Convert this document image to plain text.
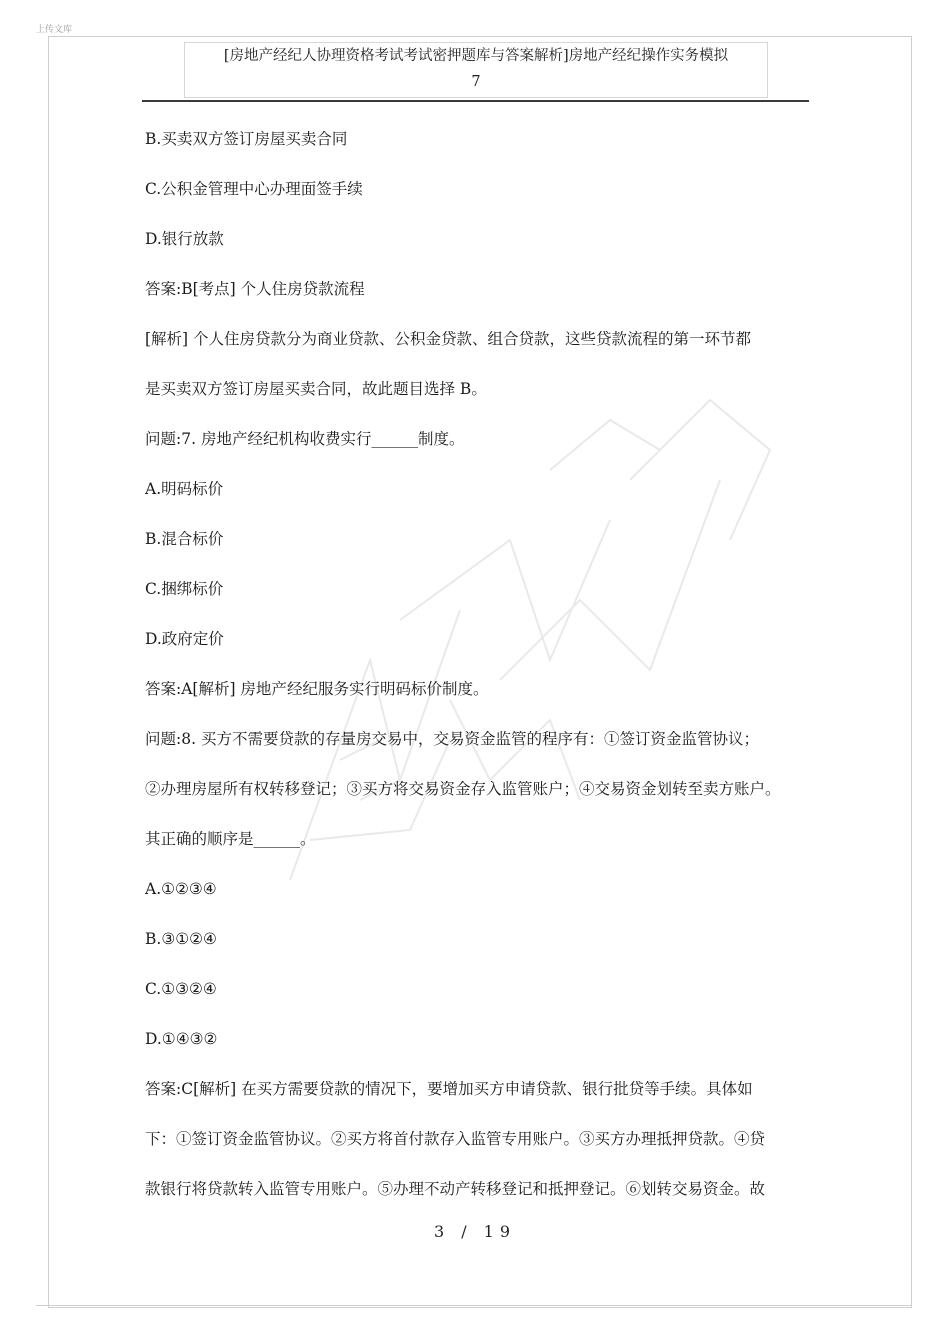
上传文库
[房地产经纪人协理资格考试考试密押题库与答案解析]房地产经纪操作实务模拟
7
B.买卖双方签订房屋买卖合同
C.公积金管理中心办理面签手续
D.银行放款
答案:B[考点] 个人住房贷款流程
[解析] 个人住房贷款分为商业贷款、公积金贷款、组合贷款，这些贷款流程的第一环节都
是买卖双方签订房屋买卖合同，故此题目选择 B。
问题:7. 房地产经纪机构收费实行______制度。
A.明码标价
B.混合标价
C.捆绑标价
D.政府定价
答案:A[解析] 房地产经纪服务实行明码标价制度。
问题:8. 买方不需要贷款的存量房交易中，交易资金监管的程序有：①签订资金监管协议；
②办理房屋所有权转移登记；③买方将交易资金存入监管账户；④交易资金划转至卖方账户。
其正确的顺序是______。
A.①②③④
B.③①②④
C.①③②④
D.①④③②
答案:C[解析] 在买方需要贷款的情况下，要增加买方申请贷款、银行批贷等手续。具体如
下：①签订资金监管协议。②买方将首付款存入监管专用账户。③买方办理抵押贷款。④贷
款银行将贷款转入监管专用账户。⑤办理不动产转移登记和抵押登记。⑥划转交易资金。故
3 / 19
